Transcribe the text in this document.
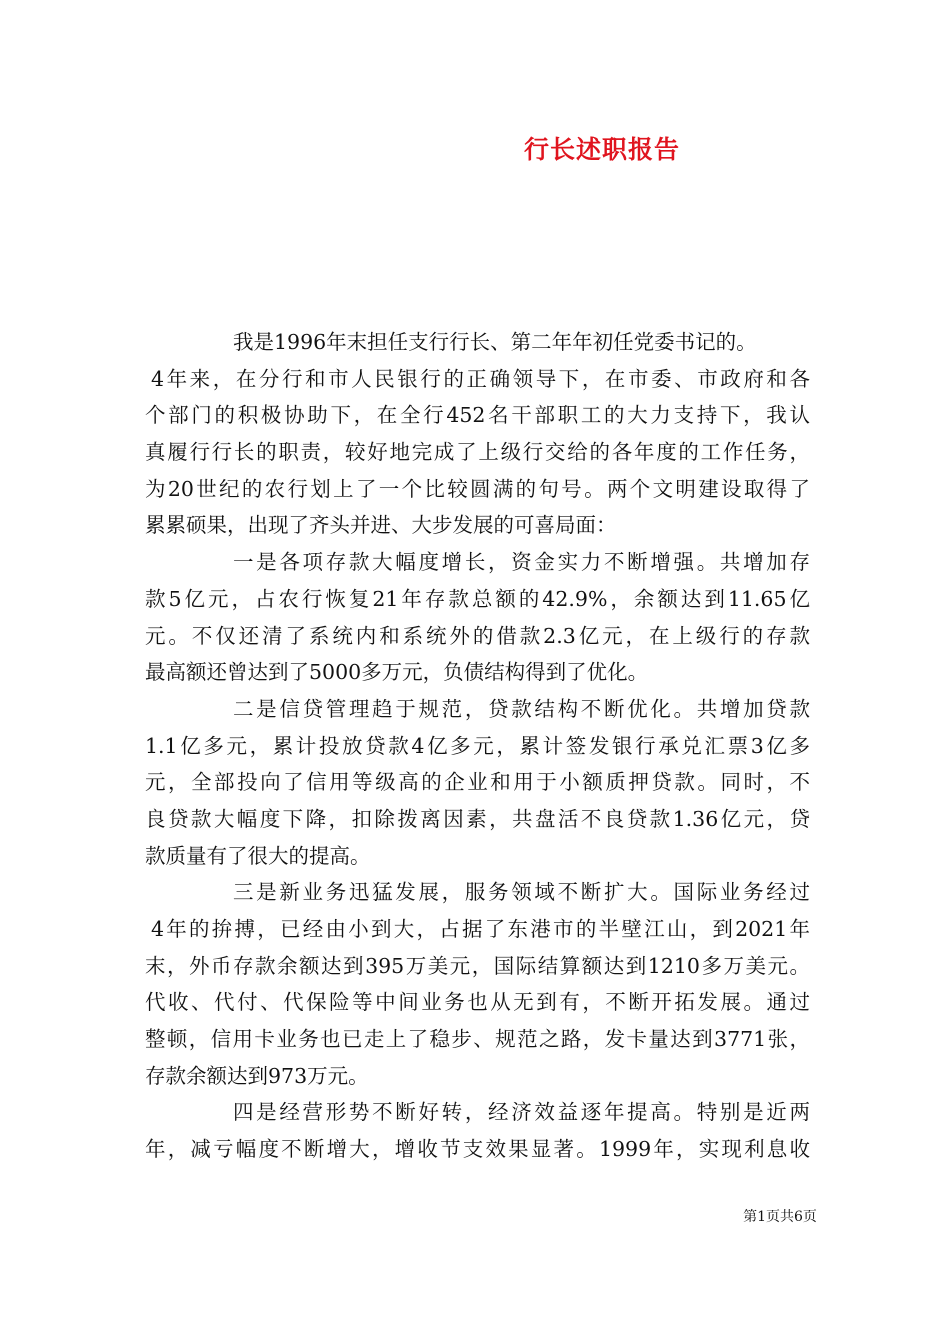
行长述职报告
我是1996年末担任支行行长、第二年年初任党委书记的。
4年来，在分行和市人民银行的正确领导下，在市委、市政府和各
个部门的积极协助下，在全行452名干部职工的大力支持下，我认
真履行行长的职责，较好地完成了上级行交给的各年度的工作任务，
为20世纪的农行划上了一个比较圆满的句号。两个文明建设取得了
累累硕果，出现了齐头并进、大步发展的可喜局面：
一是各项存款大幅度增长，资金实力不断增强。共增加存
款5亿元，占农行恢复21年存款总额的42.9%，余额达到11.65亿
元。不仅还清了系统内和系统外的借款2.3亿元，在上级行的存款
最高额还曾达到了5000多万元，负债结构得到了优化。
二是信贷管理趋于规范，贷款结构不断优化。共增加贷款
1.1亿多元，累计投放贷款4亿多元，累计签发银行承兑汇票3亿多
元，全部投向了信用等级高的企业和用于小额质押贷款。同时，不
良贷款大幅度下降，扣除拨离因素，共盘活不良贷款1.36亿元，贷
款质量有了很大的提高。
三是新业务迅猛发展，服务领域不断扩大。国际业务经过
4年的拚搏，已经由小到大，占据了东港市的半壁江山，到2021年
末，外币存款余额达到395万美元，国际结算额达到1210多万美元。
代收、代付、代保险等中间业务也从无到有，不断开拓发展。通过
整顿，信用卡业务也已走上了稳步、规范之路，发卡量达到3771张，
存款余额达到973万元。
四是经营形势不断好转，经济效益逐年提高。特别是近两
年，减亏幅度不断增大，增收节支效果显著。1999年，实现利息收
第1页共6页
